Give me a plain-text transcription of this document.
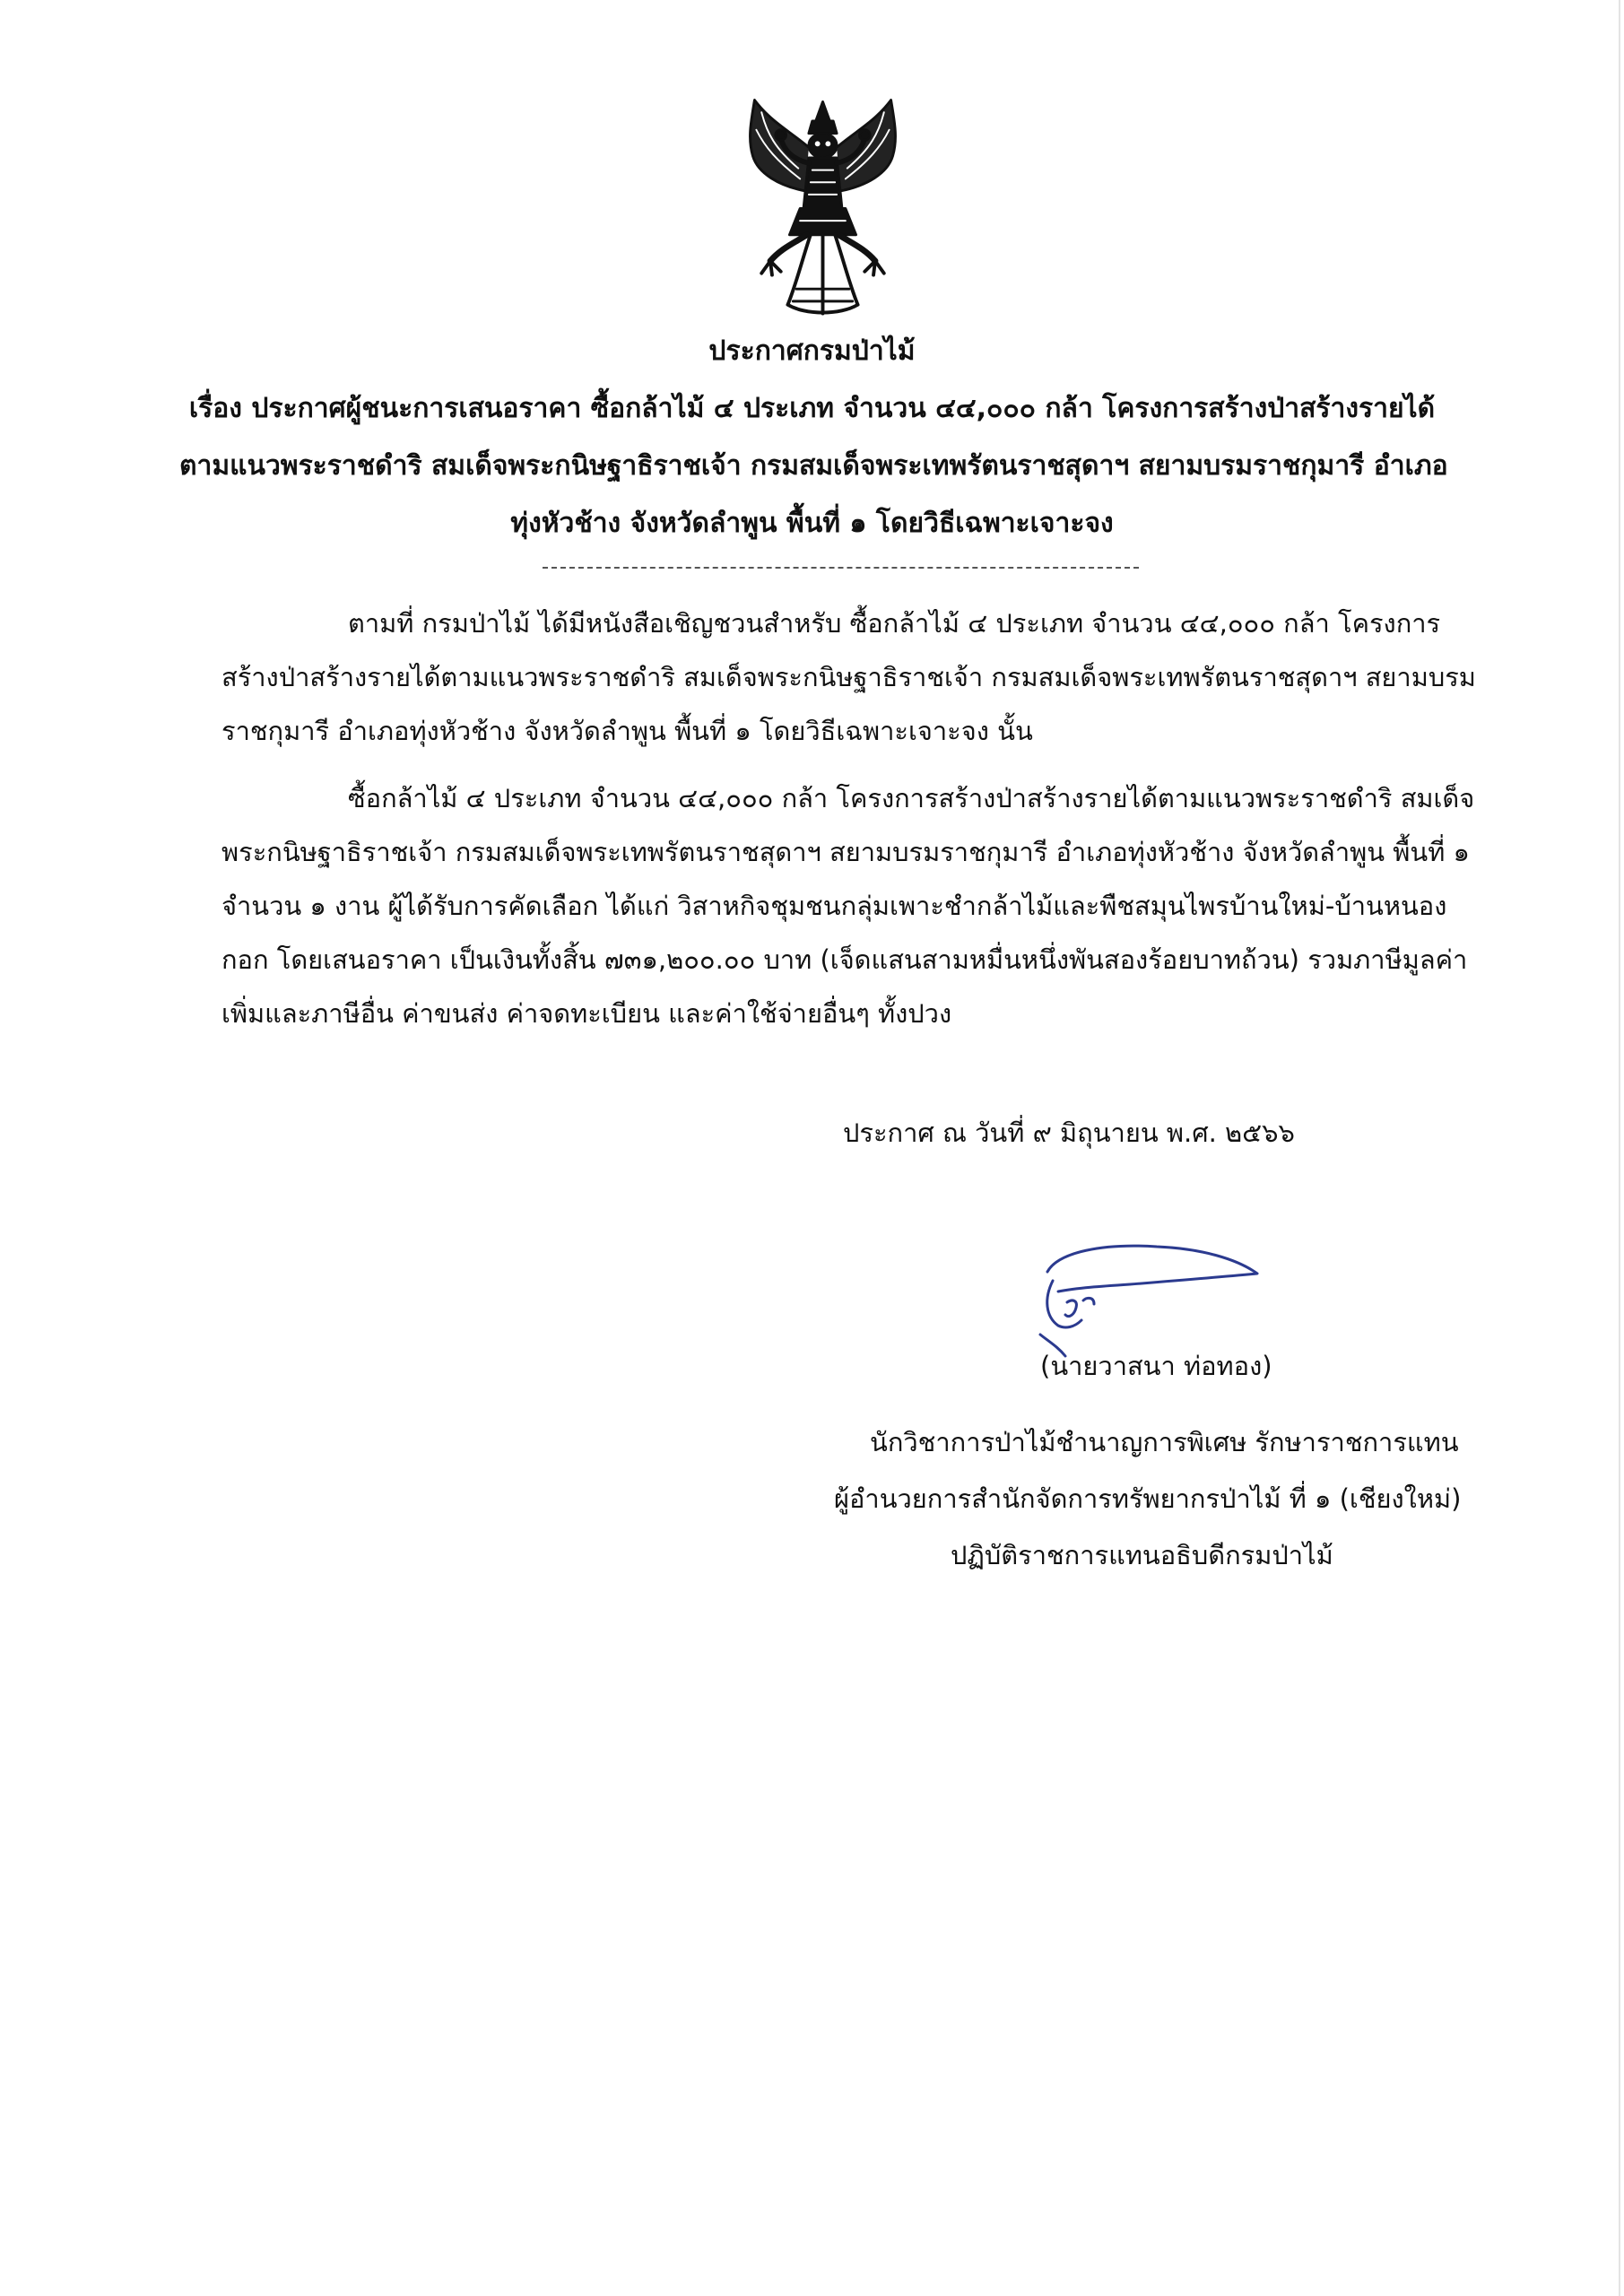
ประกาศกรมป่าไม้
เรื่อง ประกาศผู้ชนะการเสนอราคา ซื้อกล้าไม้ ๔ ประเภท จำนวน ๔๔,๐๐๐ กล้า โครงการสร้างป่าสร้างรายได้
ตามแนวพระราชดำริ สมเด็จพระกนิษฐาธิราชเจ้า กรมสมเด็จพระเทพรัตนราชสุดาฯ สยามบรมราชกุมารี อำเภอ
ทุ่งหัวช้าง จังหวัดลำพูน พื้นที่ ๑ โดยวิธีเฉพาะเจาะจง
ตามที่ กรมป่าไม้ ได้มีหนังสือเชิญชวนสำหรับ ซื้อกล้าไม้ ๔ ประเภท จำนวน ๔๔,๐๐๐ กล้า โครงการ
สร้างป่าสร้างรายได้ตามแนวพระราชดำริ สมเด็จพระกนิษฐาธิราชเจ้า กรมสมเด็จพระเทพรัตนราชสุดาฯ สยามบรม
ราชกุมารี อำเภอทุ่งหัวช้าง จังหวัดลำพูน พื้นที่ ๑ โดยวิธีเฉพาะเจาะจง นั้น
ซื้อกล้าไม้ ๔ ประเภท จำนวน ๔๔,๐๐๐ กล้า โครงการสร้างป่าสร้างรายได้ตามแนวพระราชดำริ สมเด็จ
พระกนิษฐาธิราชเจ้า กรมสมเด็จพระเทพรัตนราชสุดาฯ สยามบรมราชกุมารี อำเภอทุ่งหัวช้าง จังหวัดลำพูน พื้นที่ ๑
จำนวน ๑ งาน ผู้ได้รับการคัดเลือก ได้แก่ วิสาหกิจชุมชนกลุ่มเพาะชำกล้าไม้และพืชสมุนไพรบ้านใหม่-บ้านหนอง
กอก โดยเสนอราคา เป็นเงินทั้งสิ้น ๗๓๑,๒๐๐.๐๐ บาท (เจ็ดแสนสามหมื่นหนึ่งพันสองร้อยบาทถ้วน) รวมภาษีมูลค่า
เพิ่มและภาษีอื่น ค่าขนส่ง ค่าจดทะเบียน และค่าใช้จ่ายอื่นๆ ทั้งปวง
ประกาศ ณ วันที่ ๙ มิถุนายน พ.ศ. ๒๕๖๖
(นายวาสนา ท่อทอง)
นักวิชาการป่าไม้ชำนาญการพิเศษ รักษาราชการแทน
ผู้อำนวยการสำนักจัดการทรัพยากรป่าไม้ ที่ ๑ (เชียงใหม่)
ปฏิบัติราชการแทนอธิบดีกรมป่าไม้
